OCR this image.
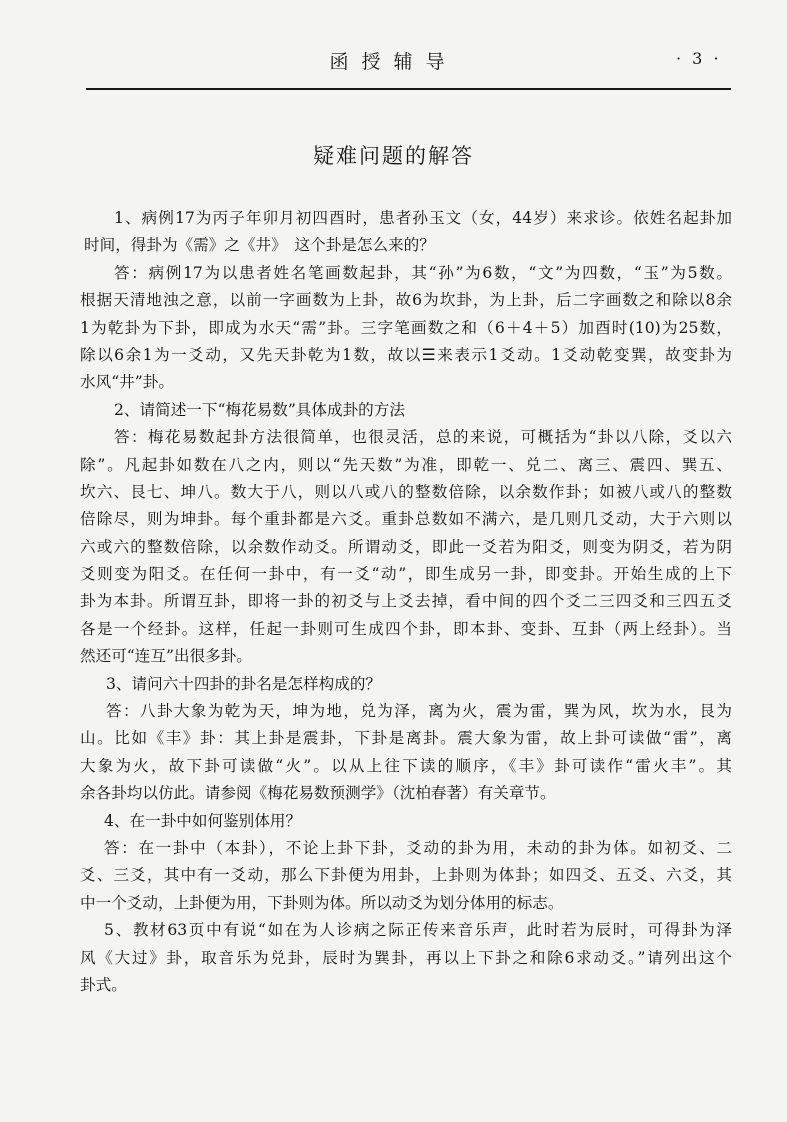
函授辅导	· 3 ·
疑难问题的解答
1、病例17为丙子年卯月初四酉时，患者孙玉文（女，44岁）来求诊。依姓名起卦加
时间，得卦为《需》之《井》　这个卦是怎么来的？
答：病例17为以患者姓名笔画数起卦，其“孙”为6数，“文”为四数，“玉”为5数。
根据天清地浊之意，以前一字画数为上卦，故6为坎卦，为上卦，后二字画数之和除以8余
1为乾卦为下卦，即成为水天“需”卦。三字笔画数之和（6＋4＋5）加酉时(10)为25数，
除以6余1为一爻动，又先天卦乾为1数，故以☰来表示1爻动。1爻动乾变巽，故变卦为
水风“井”卦。
2、请简述一下“梅花易数”具体成卦的方法
答：梅花易数起卦方法很简单，也很灵活，总的来说，可概括为“卦以八除，爻以六
除”。凡起卦如数在八之内，则以“先天数”为准，即乾一、兑二、离三、震四、巽五、
坎六、艮七、坤八。数大于八，则以八或八的整数倍除，以余数作卦；如被八或八的整数
倍除尽，则为坤卦。每个重卦都是六爻。重卦总数如不满六，是几则几爻动，大于六则以
六或六的整数倍除，以余数作动爻。所谓动爻，即此一爻若为阳爻，则变为阴爻，若为阴
爻则变为阳爻。在任何一卦中，有一爻“动”，即生成另一卦，即变卦。开始生成的上下
卦为本卦。所谓互卦，即将一卦的初爻与上爻去掉，看中间的四个爻二三四爻和三四五爻
各是一个经卦。这样，任起一卦则可生成四个卦，即本卦、变卦、互卦（两上经卦）。当
然还可“连互”出很多卦。
3、请问六十四卦的卦名是怎样构成的？
答：八卦大象为乾为天，坤为地，兑为泽，离为火，震为雷，巽为风，坎为水，艮为
山。比如《丰》卦：其上卦是震卦，下卦是离卦。震大象为雷，故上卦可读做“雷”，离
大象为火，故下卦可读做“火”。以从上往下读的顺序，《丰》卦可读作“雷火丰”。其
余各卦均以仿此。请参阅《梅花易数预测学》（沈柏春著）有关章节。
4、在一卦中如何鉴别体用？
答：在一卦中（本卦），不论上卦下卦，爻动的卦为用，未动的卦为体。如初爻、二
爻、三爻，其中有一爻动，那么下卦便为用卦，上卦则为体卦；如四爻、五爻、六爻，其
中一个爻动，上卦便为用，下卦则为体。所以动爻为划分体用的标志。
5、教材63页中有说“如在为人诊病之际正传来音乐声，此时若为辰时，可得卦为泽
风《大过》卦，取音乐为兑卦，辰时为巽卦，再以上下卦之和除6求动爻。”请列出这个
卦式。
